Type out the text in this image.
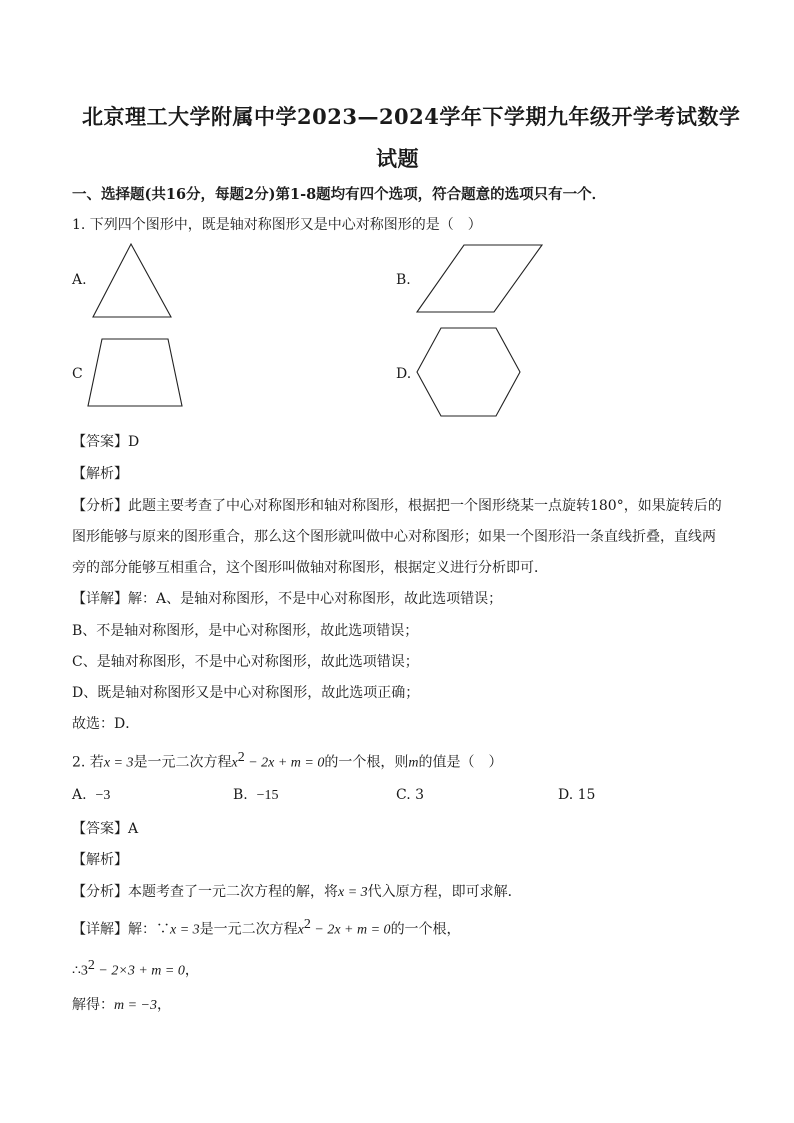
北京理工大学附属中学2023—2024学年下学期九年级开学考试数学
试题
一、选择题(共16分，每题2分)第1-8题均有四个选项，符合题意的选项只有一个．
1. 下列四个图形中，既是轴对称图形又是中心对称图形的是（　）
A.	B.
C	D.
【答案】D
【解析】
【分析】此题主要考查了中心对称图形和轴对称图形，根据把一个图形绕某一点旋转180°，如果旋转后的
图形能够与原来的图形重合，那么这个图形就叫做中心对称图形；如果一个图形沿一条直线折叠，直线两
旁的部分能够互相重合，这个图形叫做轴对称图形，根据定义进行分析即可．
【详解】解：A、是轴对称图形，不是中心对称图形，故此选项错误；
B、不是轴对称图形，是中心对称图形，故此选项错误；
C、是轴对称图形，不是中心对称图形，故此选项错误；
D、既是轴对称图形又是中心对称图形，故此选项正确；
故选：D．
2. 若x = 3是一元二次方程$x^2 - 2x + m = 0$的一个根，则m的值是（　）
A. −3	B. −15	C. 3	D. 15
【答案】A
【解析】
【分析】本题考查了一元二次方程的解，将x = 3代入原方程，即可求解．
【详解】解：∵x = 3是一元二次方程$x^2 - 2x + m = 0$的一个根，
$\therefore 3^2 - 2\times 3 + m = 0$，
解得：m = −3，
